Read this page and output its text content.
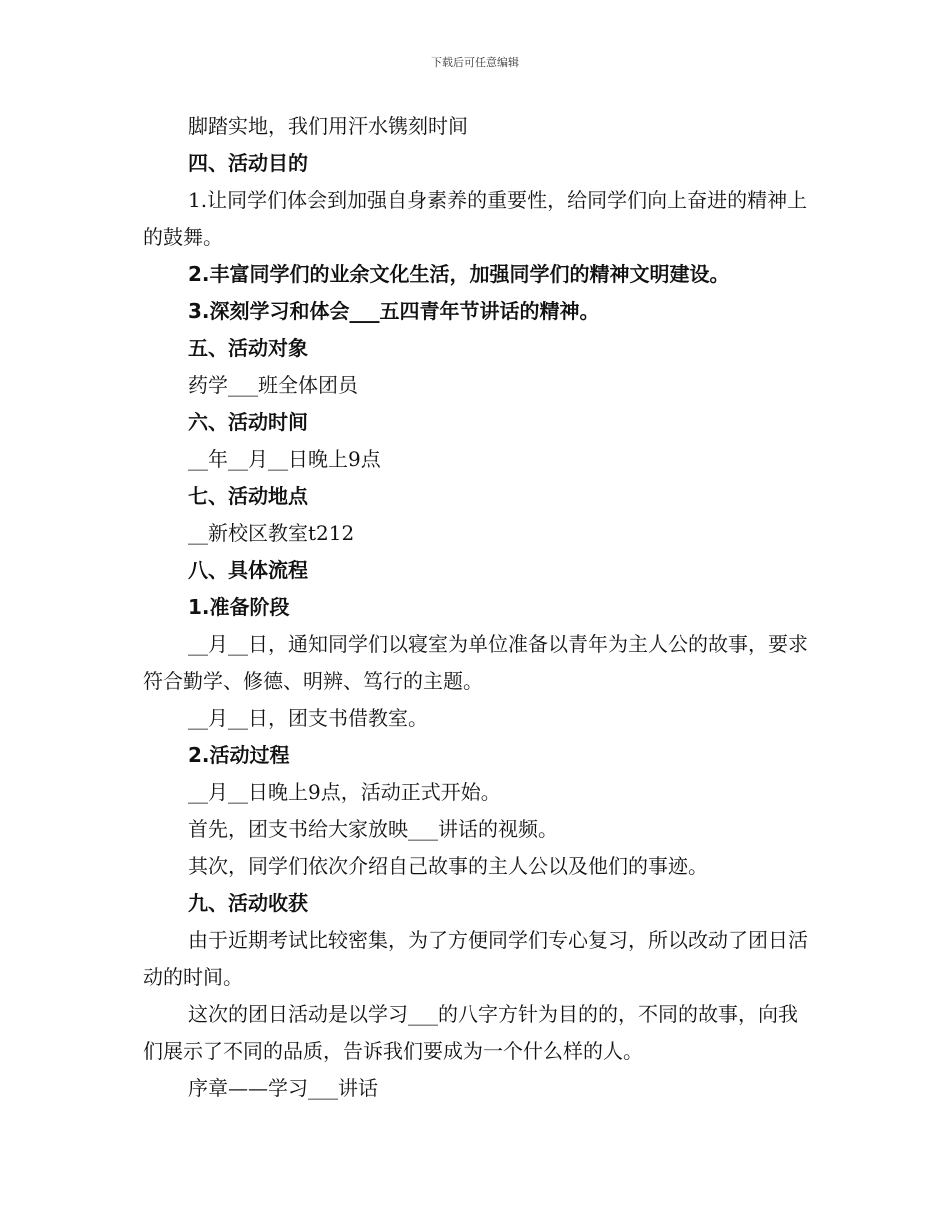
下载后可任意编辑

脚踏实地，我们用汗水镌刻时间

四、活动目的

1.让同学们体会到加强自身素养的重要性，给同学们向上奋进的精神上的鼓舞。

2.丰富同学们的业余文化生活，加强同学们的精神文明建设。

3.深刻学习和体会___五四青年节讲话的精神。

五、活动对象

药学___班全体团员

六、活动时间

__年__月__日晚上9点

七、活动地点

__新校区教室t212

八、具体流程

1.准备阶段

__月__日，通知同学们以寝室为单位准备以青年为主人公的故事，要求符合勤学、修德、明辨、笃行的主题。

__月__日，团支书借教室。

2.活动过程

__月__日晚上9点，活动正式开始。

首先，团支书给大家放映___讲话的视频。

其次，同学们依次介绍自己故事的主人公以及他们的事迹。

九、活动收获

由于近期考试比较密集，为了方便同学们专心复习，所以改动了团日活动的时间。

这次的团日活动是以学习___的八字方针为目的的，不同的故事，向我们展示了不同的品质，告诉我们要成为一个什么样的人。

序章——学习___讲话
